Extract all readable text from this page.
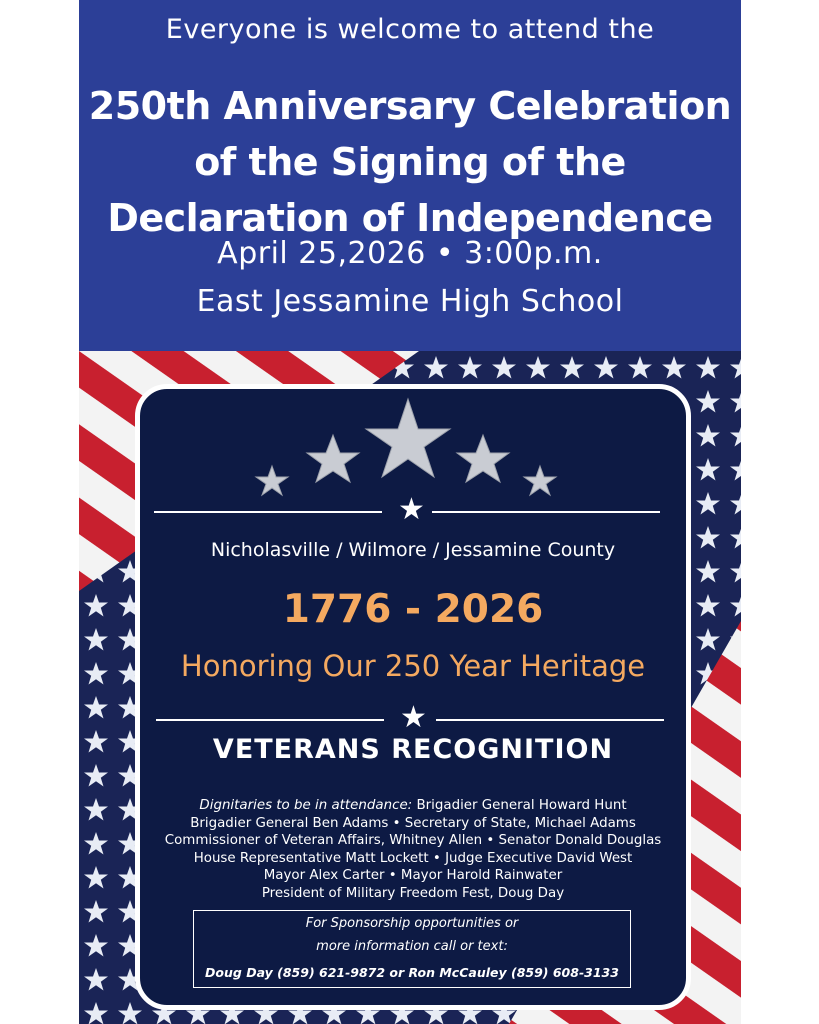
Everyone is welcome to attend the
250th Anniversary Celebration
of the Signing of the
Declaration of Independence
April 25,2026 • 3:00p.m.
East Jessamine High School
★
Nicholasville / Wilmore / Jessamine County
1776 - 2026
Honoring Our 250 Year Heritage
★
VETERANS RECOGNITION
Dignitaries to be in attendance: Brigadier General Howard Hunt
Brigadier General Ben Adams • Secretary of State, Michael Adams
Commissioner of Veteran Affairs, Whitney Allen • Senator Donald Douglas
House Representative Matt Lockett • Judge Executive David West
Mayor Alex Carter • Mayor Harold Rainwater
President of Military Freedom Fest, Doug Day
For Sponsorship opportunities or
more information call or text:
Doug Day (859) 621-9872 or Ron McCauley (859) 608-3133
